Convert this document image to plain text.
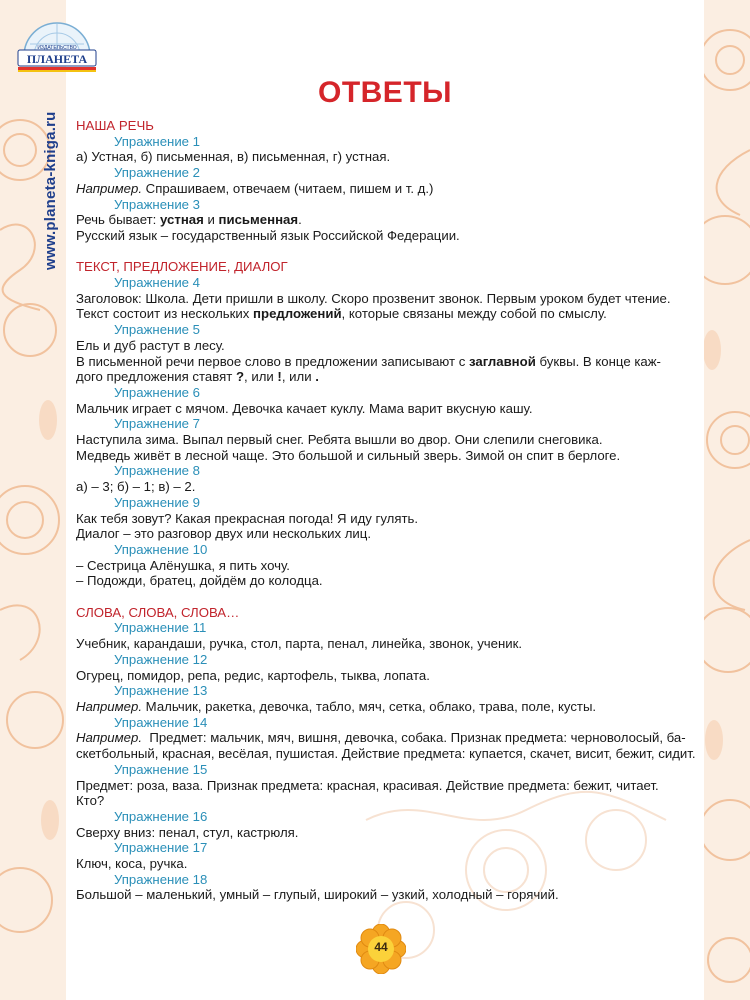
ПЛАНЕТА
ИЗДАТЕЛЬСТВО
www.planeta-kniga.ru
ОТВЕТЫ
НАША РЕЧЬ
Упражнение 1
а) Устная, б) письменная, в) письменная, г) устная.
Упражнение 2
Например. Спрашиваем, отвечаем (читаем, пишем и т. д.)
Упражнение 3
Речь бывает: устная и письменная.
Русский язык – государственный язык Российской Федерации.
ТЕКСТ, ПРЕДЛОЖЕНИЕ, ДИАЛОГ
Упражнение 4
Заголовок: Школа. Дети пришли в школу. Скоро прозвенит звонок. Первым уроком будет чтение.
Текст состоит из нескольких предложений, которые связаны между собой по смыслу.
Упражнение 5
Ель и дуб растут в лесу.
В письменной речи первое слово в предложении записывают с заглавной буквы. В конце каж-
дого предложения ставят ?, или !, или .
Упражнение 6
Мальчик играет с мячом. Девочка качает куклу. Мама варит вкусную кашу.
Упражнение 7
Наступила зима. Выпал первый снег. Ребята вышли во двор. Они слепили снеговика.
Медведь живёт в лесной чаще. Это большой и сильный зверь. Зимой он спит в берлоге.
Упражнение 8
а) – 3; б) – 1; в) – 2.
Упражнение 9
Как тебя зовут? Какая прекрасная погода! Я иду гулять.
Диалог – это разговор двух или нескольких лиц.
Упражнение 10
– Сестрица Алёнушка, я пить хочу.
– Подожди, братец, дойдём до колодца.
СЛОВА, СЛОВА, СЛОВА…
Упражнение 11
Учебник, карандаши, ручка, стол, парта, пенал, линейка, звонок, ученик.
Упражнение 12
Огурец, помидор, репа, редис, картофель, тыква, лопата.
Упражнение 13
Например. Мальчик, ракетка, девочка, табло, мяч, сетка, облако, трава, поле, кусты.
Упражнение 14
Например.  Предмет: мальчик, мяч, вишня, девочка, собака. Признак предмета: черноволосый, ба-
скетбольный, красная, весёлая, пушистая. Действие предмета: купается, скачет, висит, бежит, сидит.
Упражнение 15
Предмет: роза, ваза. Признак предмета: красная, красивая. Действие предмета: бежит, читает.
Кто?
Упражнение 16
Сверху вниз: пенал, стул, кастрюля.
Упражнение 17
Ключ, коса, ручка.
Упражнение 18
Большой – маленький, умный – глупый, широкий – узкий, холодный – горячий.
44
